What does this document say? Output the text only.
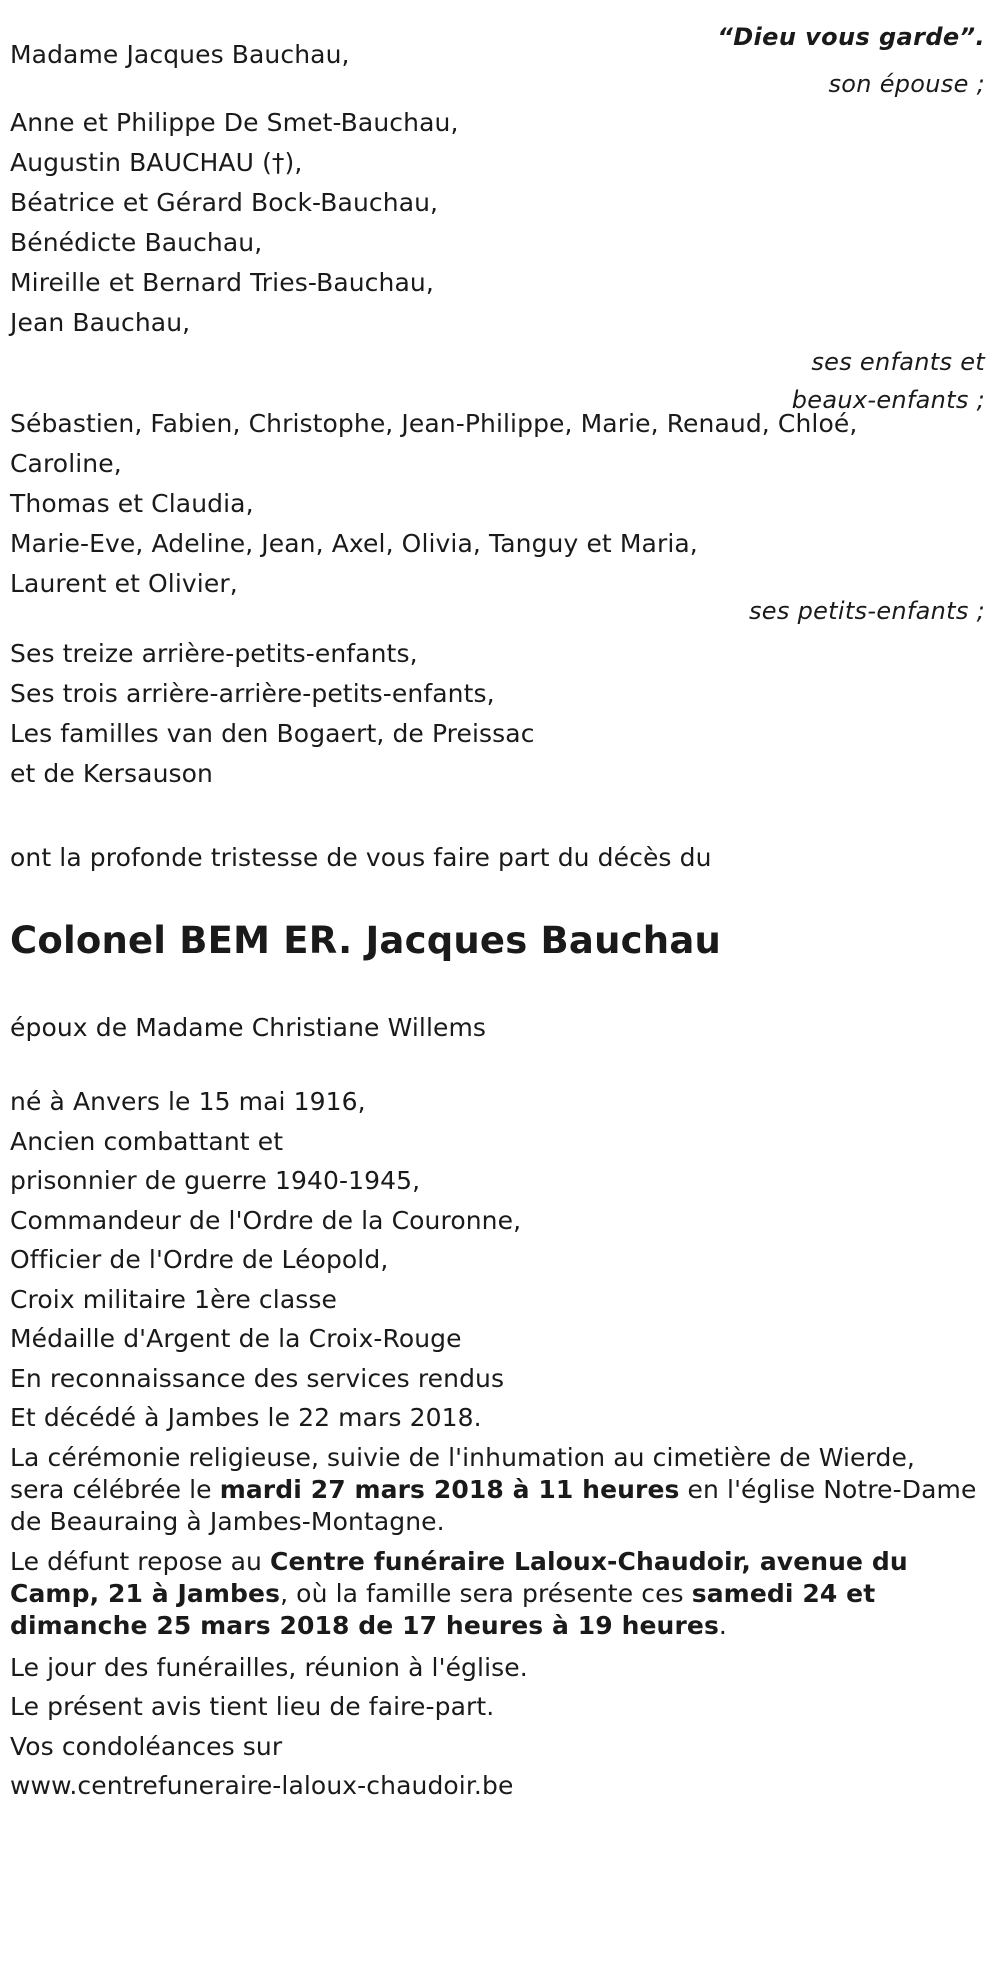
“Dieu vous garde”.
Madame Jacques Bauchau,
son épouse ;
Anne et Philippe De Smet-Bauchau,
Augustin BAUCHAU (†),
Béatrice et Gérard Bock-Bauchau,
Bénédicte Bauchau,
Mireille et Bernard Tries-Bauchau,
Jean Bauchau,
ses enfants et
beaux-enfants ;
Sébastien, Fabien, Christophe, Jean-Philippe, Marie, Renaud, Chloé,
Caroline,
Thomas et Claudia,
Marie-Eve, Adeline, Jean, Axel, Olivia, Tanguy et Maria,
Laurent et Olivier,
ses petits-enfants ;
Ses treize arrière-petits-enfants,
Ses trois arrière-arrière-petits-enfants,
Les familles van den Bogaert, de Preissac
et de Kersauson
ont la profonde tristesse de vous faire part du décès du
Colonel BEM ER. Jacques Bauchau
époux de Madame Christiane Willems
né à Anvers le 15 mai 1916,
Ancien combattant et
prisonnier de guerre 1940-1945,
Commandeur de l'Ordre de la Couronne,
Officier de l'Ordre de Léopold,
Croix militaire 1ère classe
Médaille d'Argent de la Croix-Rouge
En reconnaissance des services rendus
Et décédé à Jambes le 22 mars 2018.
La cérémonie religieuse, suivie de l'inhumation au cimetière de Wierde,
sera célébrée le mardi 27 mars 2018 à 11 heures en l'église Notre-Dame
de Beauraing à Jambes-Montagne.
Le défunt repose au Centre funéraire Laloux-Chaudoir, avenue du
Camp, 21 à Jambes, où la famille sera présente ces samedi 24 et
dimanche 25 mars 2018 de 17 heures à 19 heures.
Le jour des funérailles, réunion à l'église.
Le présent avis tient lieu de faire-part.
Vos condoléances sur
www.centrefuneraire-laloux-chaudoir.be
